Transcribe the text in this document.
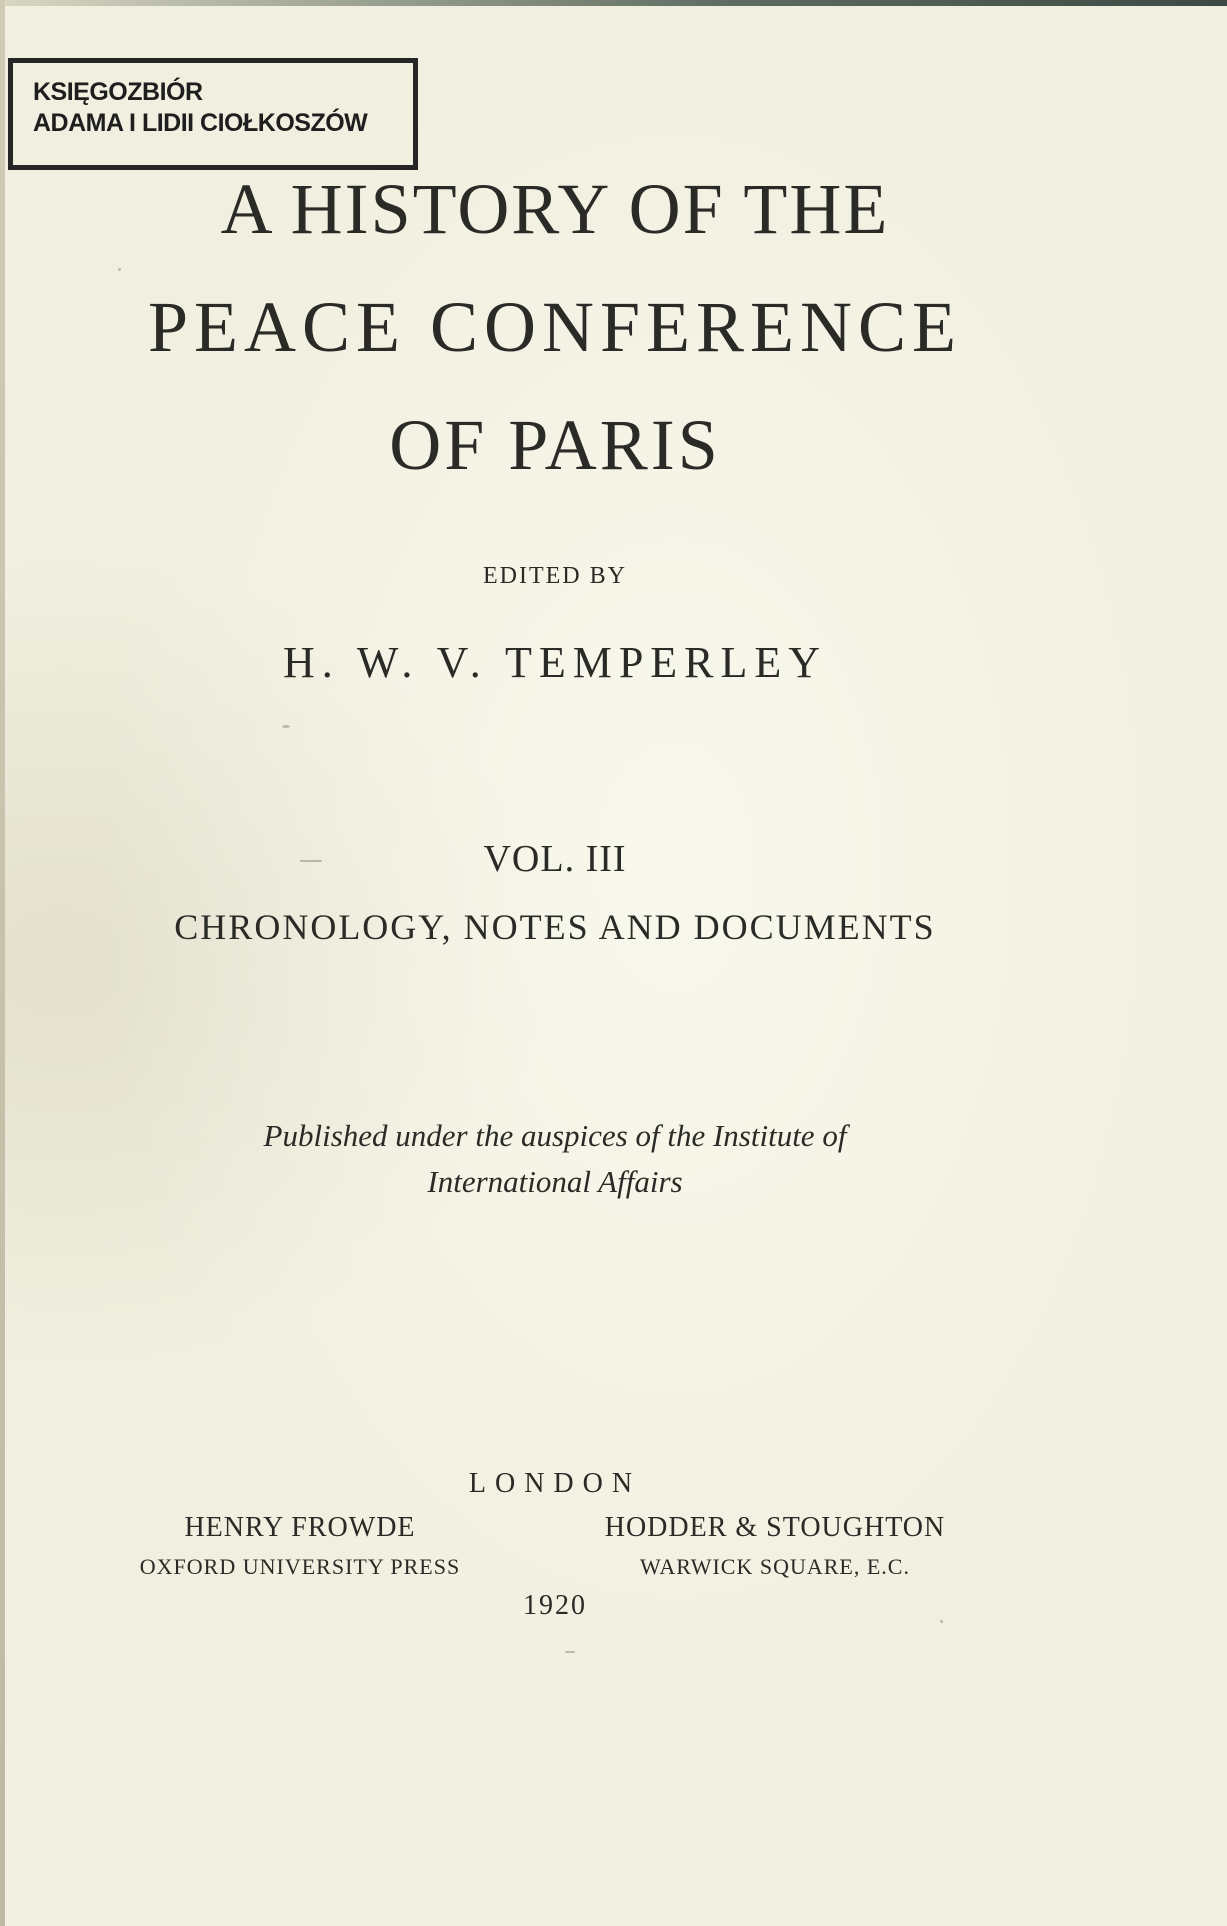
KSIĘGOZBIÓR
ADAMA I LIDII CIOŁKOSZÓW
A HISTORY OF THE
PEACE CONFERENCE
OF PARIS
EDITED BY
H. W. V. TEMPERLEY
VOL. III
CHRONOLOGY, NOTES AND DOCUMENTS
Published under the auspices of the Institute of
International Affairs
LONDON
HENRY FROWDE	HODDER & STOUGHTON
OXFORD UNIVERSITY PRESS	WARWICK SQUARE, E.C.
1920
